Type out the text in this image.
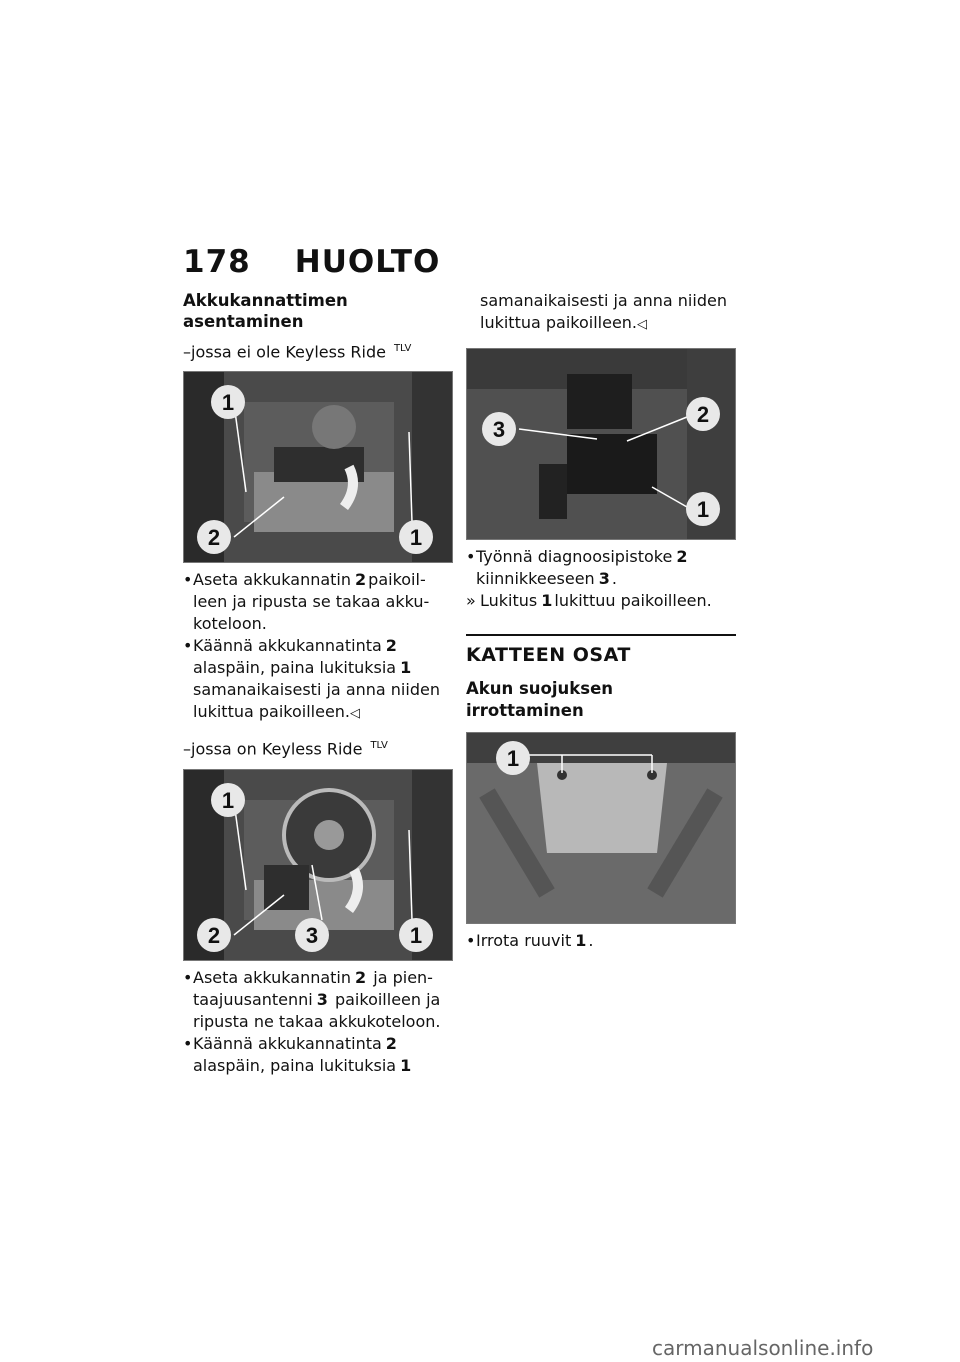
178 HUOLTO

Akkukannattimen asentaminen

–jossa ei ole Keyless Ride $^{TLV}$
1
2	1

• Aseta akkukannatin 2 paikoilleen ja ripusta se takaa akkukoteloon.

• Käännä akkukannatinta 2 alaspäin, paina lukituksia 1 samanaikaisesti ja anna niiden lukittua paikoilleen.◁

–jossa on Keyless Ride $^{TLV}$
1
2	3	1

• Aseta akkukannatin 2 ja pientaajuusantenni 3 paikoilleen ja ripusta ne takaa akkukoteloon.

• Käännä akkukannatinta 2 alaspäin, paina lukituksia 1

samanaikaisesti ja anna niiden lukittua paikoilleen.◁

3
2
1

• Työnnä diagnoosipistoke 2 kiinnikkeeseen 3 .

» Lukitus 1 lukittuu paikoilleen.

KATTEEN OSAT

Akun suojuksen irrottaminen

1

• Irrota ruuvit 1 .

carmanualsonline.info
